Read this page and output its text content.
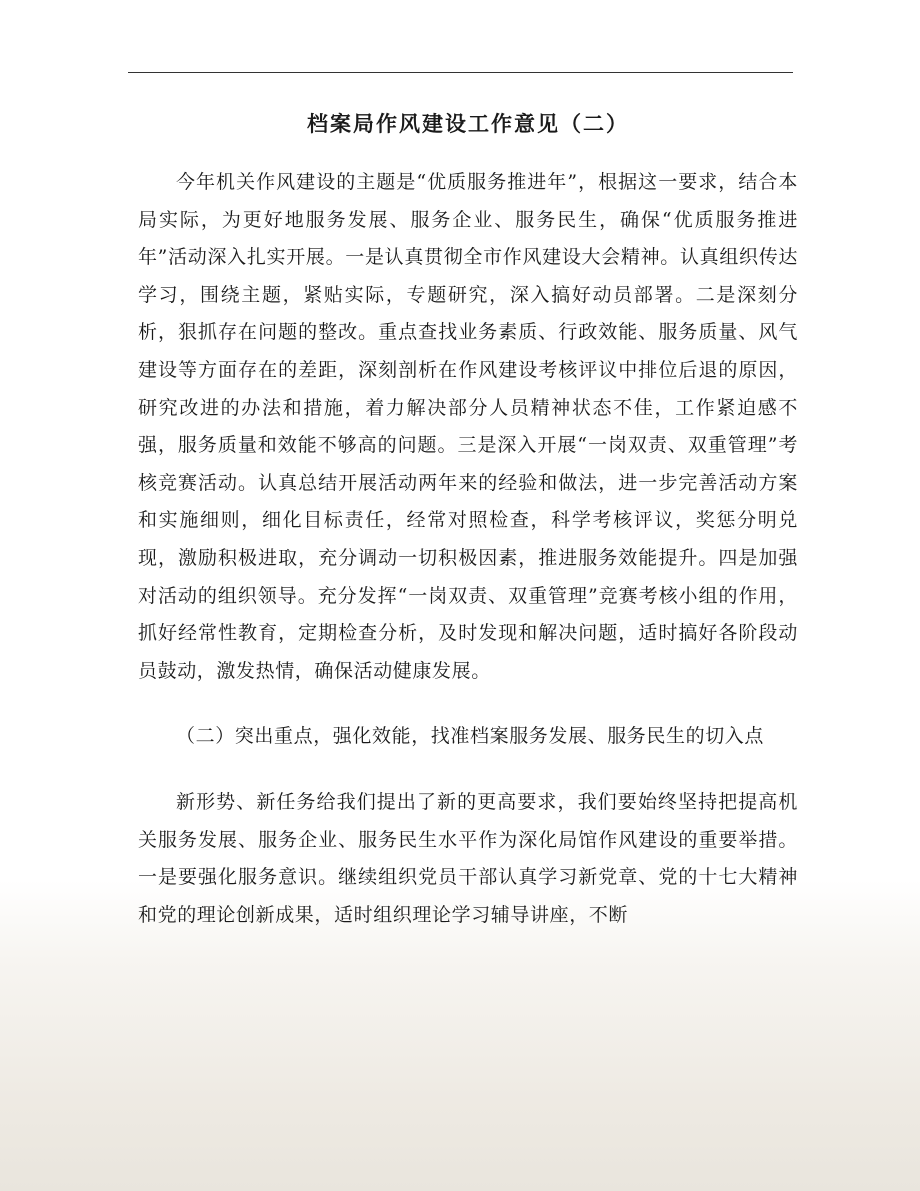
档案局作风建设工作意见（二）

今年机关作风建设的主题是“优质服务推进年”，根据这一要求，结合本局实际，为更好地服务发展、服务企业、服务民生，确保“优质服务推进年”活动深入扎实开展。一是认真贯彻全市作风建设大会精神。认真组织传达学习，围绕主题，紧贴实际，专题研究，深入搞好动员部署。二是深刻分析，狠抓存在问题的整改。重点查找业务素质、行政效能、服务质量、风气建设等方面存在的差距，深刻剖析在作风建设考核评议中排位后退的原因，研究改进的办法和措施，着力解决部分人员精神状态不佳，工作紧迫感不强，服务质量和效能不够高的问题。三是深入开展“一岗双责、双重管理”考核竞赛活动。认真总结开展活动两年来的经验和做法，进一步完善活动方案和实施细则，细化目标责任，经常对照检查，科学考核评议，奖惩分明兑现，激励积极进取，充分调动一切积极因素，推进服务效能提升。四是加强对活动的组织领导。充分发挥“一岗双责、双重管理”竞赛考核小组的作用，抓好经常性教育，定期检查分析，及时发现和解决问题，适时搞好各阶段动员鼓动，激发热情，确保活动健康发展。

（二）突出重点，强化效能，找准档案服务发展、服务民生的切入点

新形势、新任务给我们提出了新的更高要求，我们要始终坚持把提高机关服务发展、服务企业、服务民生水平作为深化局馆作风建设的重要举措。一是要强化服务意识。继续组织党员干部认真学习新党章、党的十七大精神和党的理论创新成果，适时组织理论学习辅导讲座，不断
